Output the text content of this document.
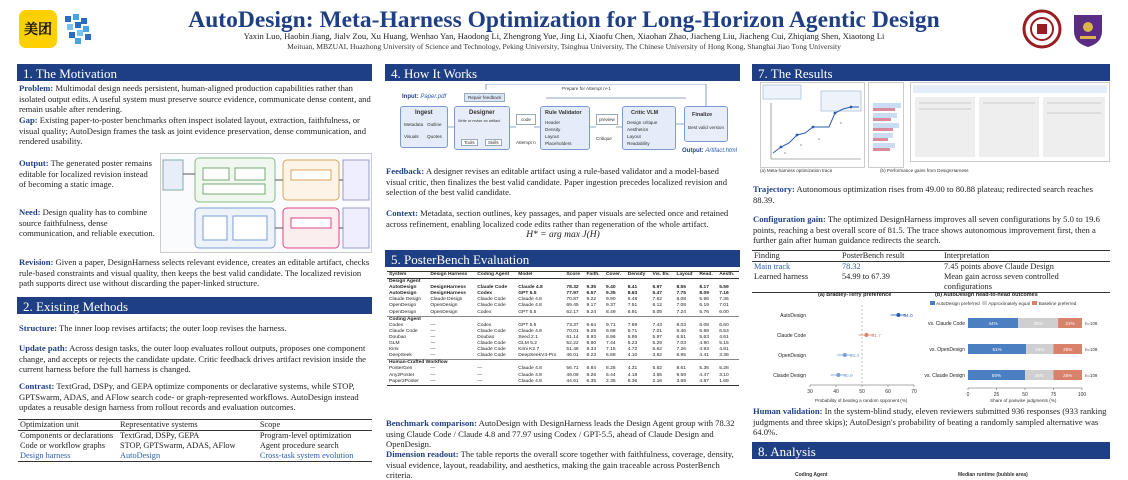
美团	AutoDesign: Meta-Harness Optimization for Long-Horizon Agentic Design
Yaxin Luo, Haobin Jiang, Jialv Zou, Xu Huang, Wenhao Yan, Haodong Li, Zhengrong Yue, Jing Li, Xiaofu Chen, Xiaohan Zhao, Jiacheng Liu, Jiacheng Cui, Zhiqiang Shen, Xiaotong Li
Meituan, MBZUAI, Huazhong University of Science and Technology, Peking University, Tsinghua University, The Chinese University of Hong Kong, Shanghai Jiao Tong University
1. The Motivation
Problem: Multimodal design needs persistent, human-aligned production capabilities rather than isolated output edits. A useful system must preserve source evidence, communicate dense content, and remain usable after rendering.
Gap: Existing paper-to-poster benchmarks often inspect isolated layout, extraction, faithfulness, or visual quality; AutoDesign frames the task as joint evidence preservation, dense communication, and rendered usability.
Output: The generated poster remains editable for localized revision instead of becoming a static image.
Need: Design quality has to combine source faithfulness, dense communication, and reliable execution.
Revision: Given a paper, DesignHarness selects relevant evidence, creates an editable artifact, checks rule-based constraints and visual quality, then keeps the best valid candidate. The localized revision path supports direct use without discarding the paper-linked structure.
2. Existing Methods
Structure: The inner loop revises artifacts; the outer loop revises the harness.
Update path: Across design tasks, the outer loop evaluates rollout outputs, proposes one component change, and accepts or rejects the candidate update. Critic feedback drives artifact revision inside the current harness before the full harness is changed.
Contrast: TextGrad, DSPy, and GEPA optimize components or declarative systems, while STOP, GPTSwarm, ADAS, and AFlow search code- or graph-represented workflows. AutoDesign instead updates a reusable design harness from rollout records and evaluation outcomes.
Optimization unit	Representative systems	Scope
Components or declarations	TextGrad, DSPy, GEPA	Program-level optimization
Code or workflow graphs	STOP, GPTSwarm, ADAS, AFlow	Agent procedure search
Design harness	AutoDesign	Cross-task system evolution
4. How It Works
Input: Paper.pdf	Repair feedback
Prepare for Attempt n+1
Ingest
Metadata Outline
Visuals Quotes
Designer
Write or revise an artifact
Tools	Skills
code
Attempt n
Rule Validator
Header
Density
Layout
Placeholders
preview
Critique
Critic VLM
Design critique
Aesthetics
Layout
Readability
Finalize
Best valid version
Output: Artifact.html
Feedback: A designer revises an editable artifact using a rule-based validator and a model-based visual critic, then finalizes the best valid candidate. Paper ingestion precedes localized revision and selection of the best valid candidate.
Context: Metadata, section outlines, key passages, and paper visuals are selected once and retained across refinement, enabling localized code edits rather than regeneration of the whole artifact.
H* = arg max J(H)
5. PosterBench Evaluation
System	Design Harness	Coding Agent	Model	Score	Faith.	Cover.	Density	Vis. Ev.	Layout	Read.	Aesth.
Design Agent											
AutoDesign	DesignHarness	Claude Code	Claude 4.8	78.32	9.35	9.40	8.41	5.97	8.55	8.17	5.59
AutoDesign	DesignHarness	Codex	GPT 5.5	77.97	9.57	9.35	8.63	5.47	7.75	8.09	7.16
Claude Design	Claude Design	Claude Code	Claude 4.8	70.87	9.22	9.90	6.48	7.62	8.08	5.96	7.36
OpenDesign	OpenDesign	Claude Code	Claude 4.8	69.45	9.17	9.37	7.51	6.12	7.08	6.19	7.01
OpenDesign	OpenDesign	Codex	GPT 5.5	62.17	9.24	8.49	6.91	5.05	7.24	5.76	6.00
Coding Agent											
Codex	—	Codex	GPT 5.5	73.37	9.64	9.71	7.69	7.43	8.03	6.08	6.60
Claude Code	—	Claude Code	Claude 4.8	70.01	9.25	9.88	5.71	7.01	9.46	6.68	6.53
Doubao	—	Doubao	Seed 2.1	61.14	8.93	8.96	5.95	5.97	6.51	5.63	4.61
GLM	—	Claude Code	GLM 5.2	52.22	8.60	7.44	5.23	5.29	7.03	4.90	5.15
Kimi	—	Claude Code	Kimi K2.7	51.46	8.33	7.15	4.72	5.62	7.26	4.93	4.81
DeepSeek	—	Claude Code	DeepSeekV4-Pro	46.01	8.23	6.68	4.10	3.82	6.95	4.41	3.38
Human-Crafted Workflow											
PosterGen	—	—	Claude 4.8	56.71	8.84	8.25	4.31	5.62	8.61	5.36	5.28
Any2Poster	—	—	Claude 4.8	49.09	8.26	5.44	4.18	3.65	9.59	4.47	3.10
Paper2Poster	—	—	Claude 4.8	44.61	6.35	2.35	8.36	2.16	3.69	4.87	1.69
Benchmark comparison: AutoDesign with DesignHarness leads the Design Agent group with 78.32 using Claude Code / Claude 4.8 and 77.97 using Codex / GPT-5.5, ahead of Claude Design and OpenDesign.
Dimension readout: The table reports the overall score together with faithfulness, coverage, density, visual evidence, layout, readability, and aesthetics, making the gain traceable across PosterBench criteria.
7. The Results
(a) Meta-harness optimization trace	(b) Performance gains from DesignHarness
Trajectory: Autonomous optimization rises from 49.00 to 80.88 plateau; redirected search reaches 88.39.
Configuration gain: The optimized DesignHarness improves all seven configurations by 5.0 to 19.6 points, reaching a best overall score of 81.5. The trace shows autonomous improvement first, then a further gain after human guidance redirects the search.
Finding	PosterBench result	Interpretation
Main track	78.32	7.45 points above Claude Design
Learned harness	54.99 to 67.39	Mean gain across seven controlled configurations
(a) Bradley-Terry preference
30	40	50	60	70
AutoDesign	64.0
Claude Code	51.7
OpenDesign	43.4
Claude Design	40.9
Probability of beating a random opponent (%)
(b) AutoDesign head-to-head outcomes
AutoDesign preferred Approximately equal Baseline preferred
0	25	50	75	100
vs. Claude Code	44%	35%	21% n=108
vs. OpenDesign	51%	24%	25%	n=108
vs. Claude Design	50%	25%	25%	n=108
Share of pairwise judgments (%)
Human validation: In the system-blind study, eleven reviewers submitted 936 responses (933 ranking judgments and three skips); AutoDesign's probability of beating a randomly sampled alternative was 64.0%.
8. Analysis
Coding Agent	Median runtime (bubble area)
